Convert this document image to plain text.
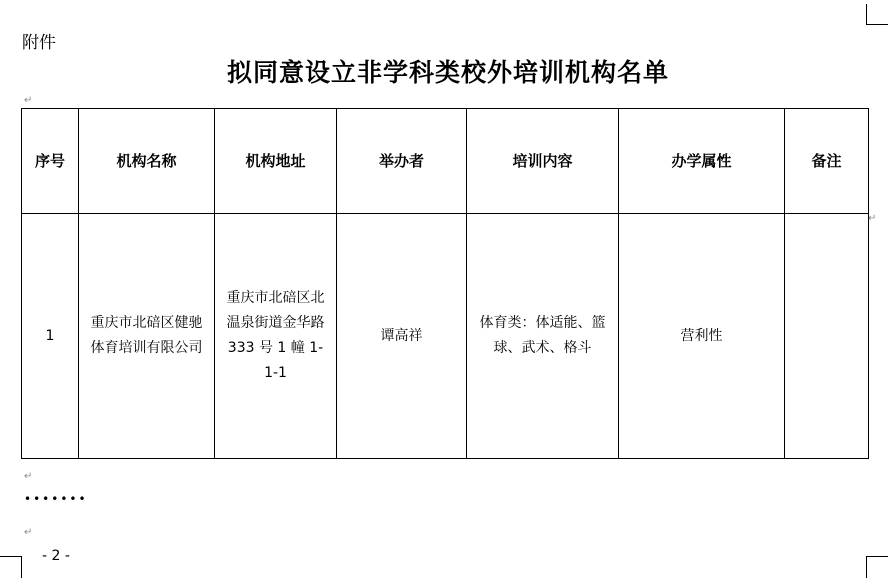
附件
拟同意设立非学科类校外培训机构名单
↵
↵
↵
↵
序号	机构名称	机构地址	举办者	培训内容	办学属性	备注
1	重庆市北碚区健驰体育培训有限公司	重庆市北碚区北温泉街道金华路 333 号 1 幢 1-1-1	谭高祥	体育类：体适能、篮球、武术、格斗	营利性	
•••••••
- 2 -
